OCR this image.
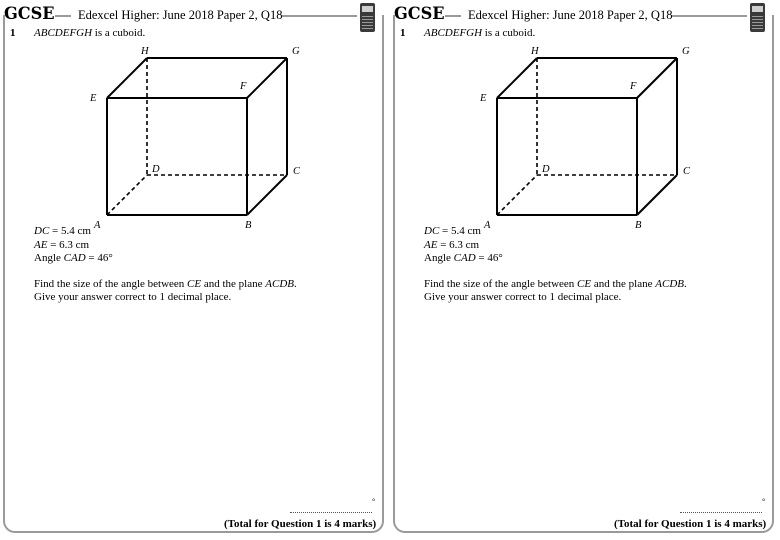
GCSE Edexcel Higher: June 2018 Paper 2, Q18
1 ABCDEFGH is a cuboid.
H	G
F
E
D	C
A	B
DC = 5.4 cm
AE = 6.3 cm
Angle CAD = 46°
Find the size of the angle between CE and the plane ACDB.
Give your answer correct to 1 decimal place.
°
(Total for Question 1 is 4 marks)
GCSE Edexcel Higher: June 2018 Paper 2, Q18
1 ABCDEFGH is a cuboid.
H	G
F
E
D	C
A	B
DC = 5.4 cm
AE = 6.3 cm
Angle CAD = 46°
Find the size of the angle between CE and the plane ACDB.
Give your answer correct to 1 decimal place.
°
(Total for Question 1 is 4 marks)
